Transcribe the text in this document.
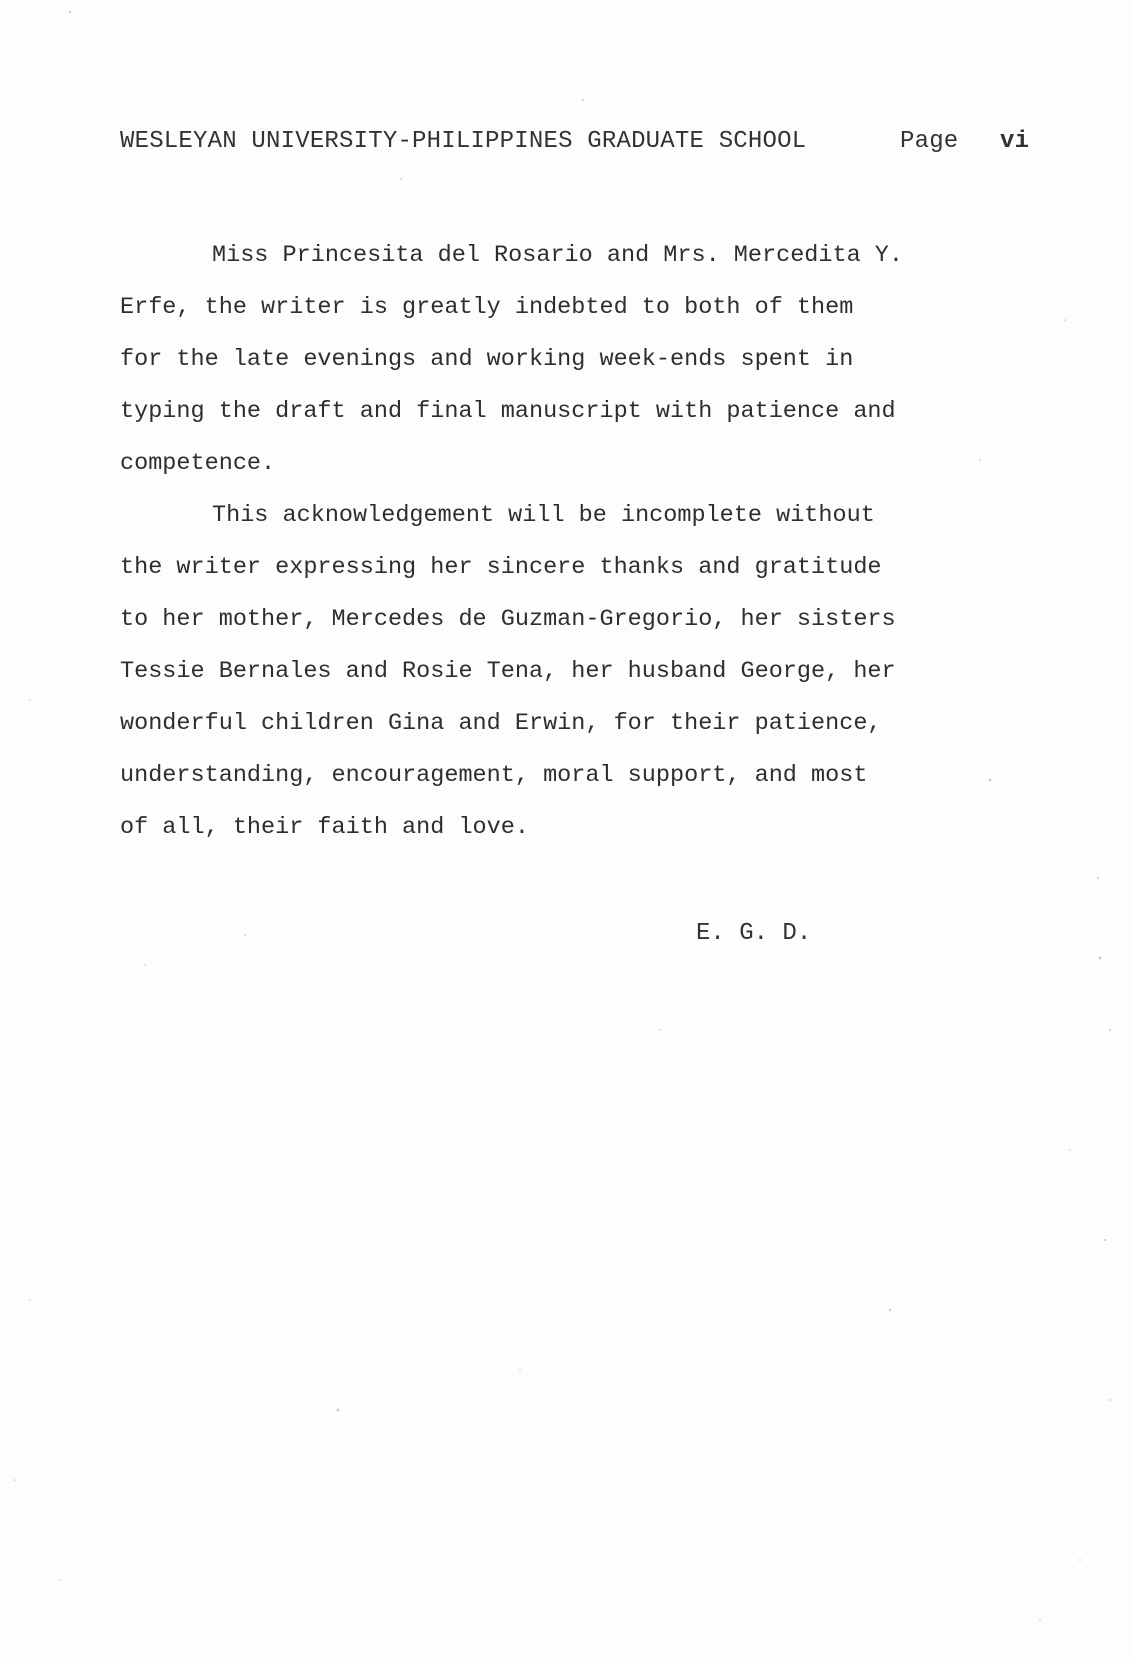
WESLEYAN UNIVERSITY-PHILIPPINES GRADUATE SCHOOL	Page vi
Miss Princesita del Rosario and Mrs. Mercedita Y.
Erfe, the writer is greatly indebted to both of them
for the late evenings and working week-ends spent in
typing the draft and final manuscript with patience and
competence.
This acknowledgement will be incomplete without
the writer expressing her sincere thanks and gratitude
to her mother, Mercedes de Guzman-Gregorio, her sisters
Tessie Bernales and Rosie Tena, her husband George, her
wonderful children Gina and Erwin, for their patience,
understanding, encouragement, moral support, and most
of all, their faith and love.
E. G. D.
